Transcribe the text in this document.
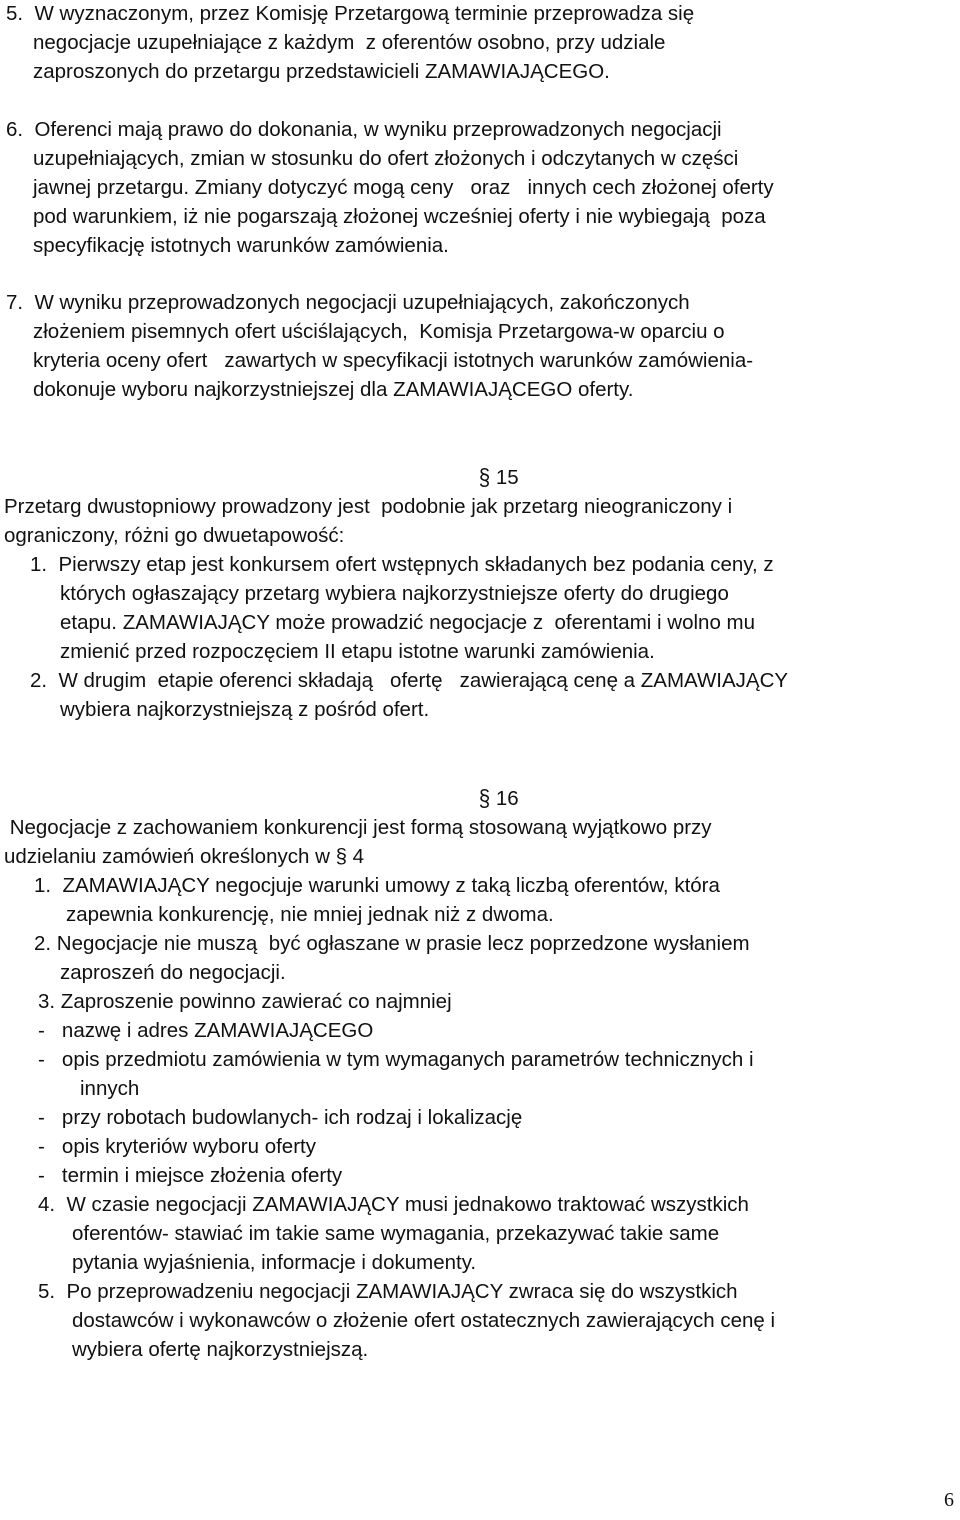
5.  W wyznaczonym, przez Komisję Przetargową terminie przeprowadza się
negocjacje uzupełniające z każdym  z oferentów osobno, przy udziale
zaproszonych do przetargu przedstawicieli ZAMAWIAJĄCEGO.
6.  Oferenci mają prawo do dokonania, w wyniku przeprowadzonych negocjacji
uzupełniających, zmian w stosunku do ofert złożonych i odczytanych w części
jawnej przetargu. Zmiany dotyczyć mogą ceny   oraz   innych cech złożonej oferty
pod warunkiem, iż nie pogarszają złożonej wcześniej oferty i nie wybiegają  poza
specyfikację istotnych warunków zamówienia.
7.  W wyniku przeprowadzonych negocjacji uzupełniających, zakończonych
złożeniem pisemnych ofert uściślających,  Komisja Przetargowa-w oparciu o
kryteria oceny ofert   zawartych w specyfikacji istotnych warunków zamówienia-
dokonuje wyboru najkorzystniejszej dla ZAMAWIAJĄCEGO oferty.

§ 15

Przetarg dwustopniowy prowadzony jest  podobnie jak przetarg nieograniczony i
ograniczony, różni go dwuetapowość:
1.  Pierwszy etap jest konkursem ofert wstępnych składanych bez podania ceny, z
których ogłaszający przetarg wybiera najkorzystniejsze oferty do drugiego
etapu. ZAMAWIAJĄCY może prowadzić negocjacje z  oferentami i wolno mu
zmienić przed rozpoczęciem II etapu istotne warunki zamówienia.
2.  W drugim  etapie oferenci składają   ofertę   zawierającą cenę a ZAMAWIAJĄCY
wybiera najkorzystniejszą z pośród ofert.

§ 16

Negocjacje z zachowaniem konkurencji jest formą stosowaną wyjątkowo przy
udzielaniu zamówień określonych w § 4
1.  ZAMAWIAJĄCY negocjuje warunki umowy z taką liczbą oferentów, która
zapewnia konkurencję, nie mniej jednak niż z dwoma.
2. Negocjacje nie muszą  być ogłaszane w prasie lecz poprzedzone wysłaniem
zaproszeń do negocjacji.
3. Zaproszenie powinno zawierać co najmniej
-   nazwę i adres ZAMAWIAJĄCEGO
-   opis przedmiotu zamówienia w tym wymaganych parametrów technicznych i
innych
-   przy robotach budowlanych- ich rodzaj i lokalizację
-   opis kryteriów wyboru oferty
-   termin i miejsce złożenia oferty
4.  W czasie negocjacji ZAMAWIAJĄCY musi jednakowo traktować wszystkich
oferentów- stawiać im takie same wymagania, przekazywać takie same
pytania wyjaśnienia, informacje i dokumenty.
5.  Po przeprowadzeniu negocjacji ZAMAWIAJĄCY zwraca się do wszystkich
dostawców i wykonawców o złożenie ofert ostatecznych zawierających cenę i
wybiera ofertę najkorzystniejszą.
6
